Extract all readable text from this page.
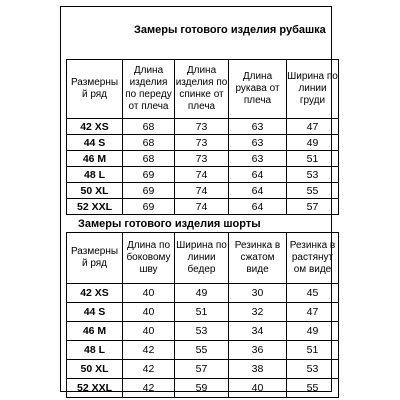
Замеры готового изделия рубашка
Размерны й ряд	Длина изделия по переду от плеча	Длина изделия по спинке от плеча	Длина рукава от плеча	Ширина по линии груди
42 XS	68	73	63	47
44 S	68	73	63	49
46 M	68	73	63	51
48 L	69	74	64	53
50 XL	69	74	64	55
52 XXL	69	74	64	57
Замеры готового изделия шорты
Размерны й ряд	Длина по боковому шву	Ширина по линии бедер	Резинка в сжатом виде	Резинка в растянут ом виде
42 XS	40	49	30	45
44 S	40	51	32	47
46 M	40	53	34	49
48 L	42	55	36	51
50 XL	42	57	38	53
52 XXL	42	59	40	55
